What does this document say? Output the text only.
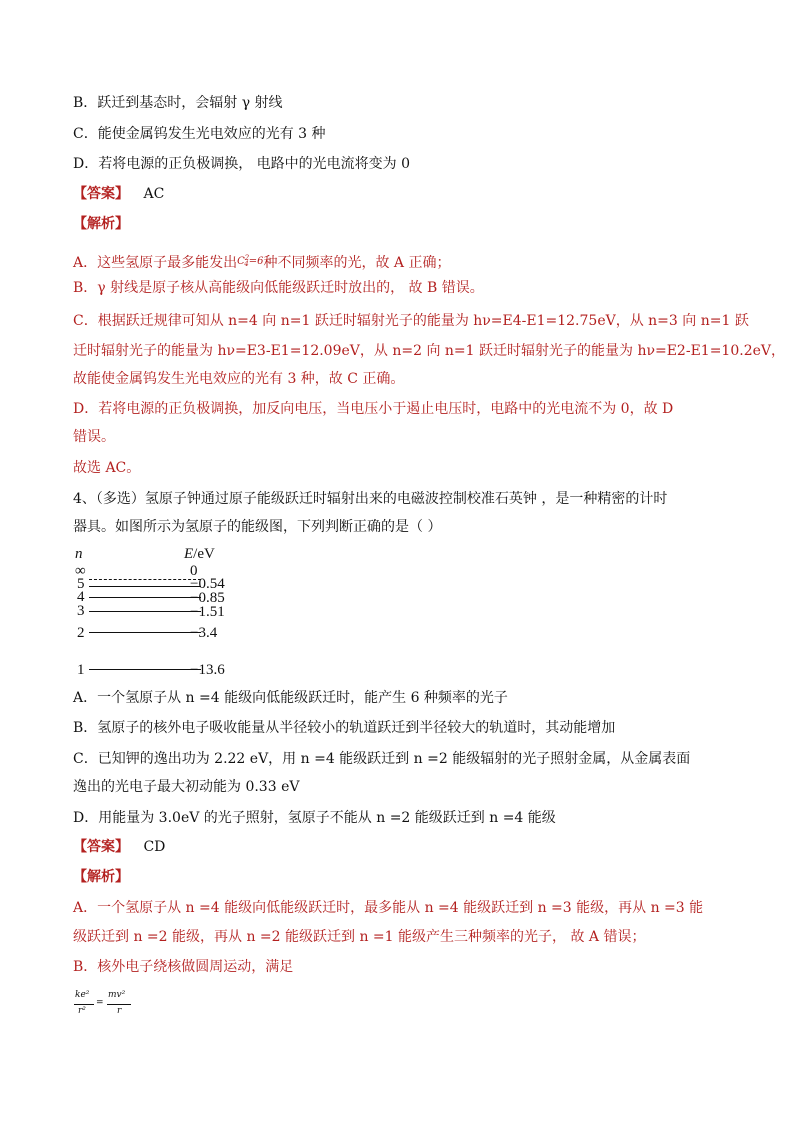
B．跃迁到基态时，会辐射 γ 射线
C．能使金属钨发生光电效应的光有 3 种
D．若将电源的正负极调换， 电路中的光电流将变为 0
【答案】 AC
【解析】
A．这些氢原子最多能发出$^{C^2_4=6}$种不同频率的光，故 A 正确；
B．γ 射线是原子核从高能级向低能级跃迁时放出的， 故 B 错误。
C．根据跃迁规律可知从 n=4 向 n=1 跃迁时辐射光子的能量为 hν=E4-E1=12.75eV，从 n=3 向 n=1 跃
迁时辐射光子的能量为 hν=E3-E1=12.09eV，从 n=2 向 n=1 跃迁时辐射光子的能量为 hν=E2-E1=10.2eV，
故能使金属钨发生光电效应的光有 3 种，故 C 正确。
D．若将电源的正负极调换，加反向电压，当电压小于遏止电压时，电路中的光电流不为 0，故 D
错误。
故选 AC。
4、（多选）氢原子钟通过原子能级跃迁时辐射出来的电磁波控制校准石英钟 ，是一种精密的计时
器具。如图所示为氢原子的能级图，下列判断正确的是（ ）
n	E/eV
∞	0
5	−0.54
4	−0.85
3	−1.51
2	−3.4
1	−13.6
A．一个氢原子从 n =4 能级向低能级跃迁时，能产生 6 种频率的光子
B．氢原子的核外电子吸收能量从半径较小的轨道跃迁到半径较大的轨道时，其动能增加
C．已知钾的逸出功为 2.22 eV，用 n =4 能级跃迁到 n =2 能级辐射的光子照射金属，从金属表面
逸出的光电子最大初动能为 0.33 eV
D．用能量为 3.0eV 的光子照射，氢原子不能从 n =2 能级跃迁到 n =4 能级
【答案】 CD
【解析】
A．一个氢原子从 n =4 能级向低能级跃迁时，最多能从 n =4 能级跃迁到 n =3 能级，再从 n =3 能
级跃迁到 n =2 能级，再从 n =2 能级跃迁到 n =1 能级产生三种频率的光子， 故 A 错误；
B．核外电子绕核做圆周运动，满足
ke²
r²
=
mv²
r
